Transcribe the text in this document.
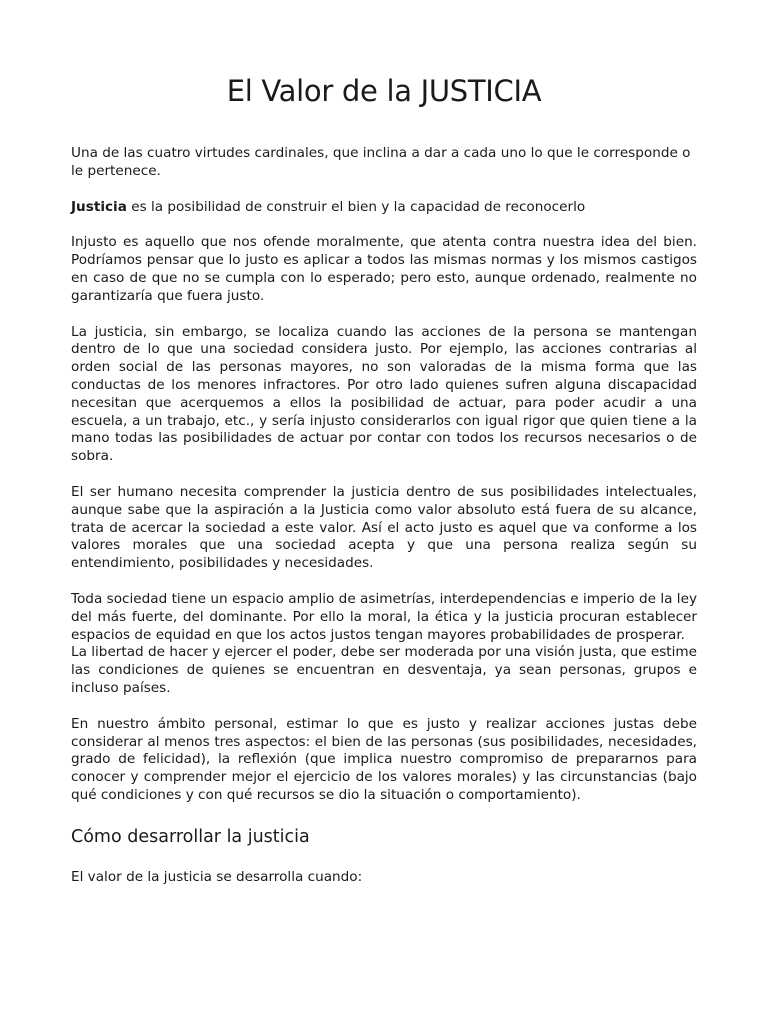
El Valor de la JUSTICIA

Una de las cuatro virtudes cardinales, que inclina a dar a cada uno lo que le corresponde o le pertenece.

Justicia es la posibilidad de construir el bien y la capacidad de reconocerlo

Injusto es aquello que nos ofende moralmente, que atenta contra nuestra idea del bien. Podríamos pensar que lo justo es aplicar a todos las mismas normas y los mismos castigos en caso de que no se cumpla con lo esperado; pero esto, aunque ordenado, realmente no garantizaría que fuera justo.

La justicia, sin embargo, se localiza cuando las acciones de la persona se mantengan dentro de lo que una sociedad considera justo. Por ejemplo, las acciones contrarias al orden social de las personas mayores, no son valoradas de la misma forma que las conductas de los menores infractores. Por otro lado quienes sufren alguna discapacidad necesitan que acerquemos a ellos la posibilidad de actuar, para poder acudir a una escuela, a un trabajo, etc., y sería injusto considerarlos con igual rigor que quien tiene a la mano todas las posibilidades de actuar por contar con todos los recursos necesarios o de sobra.

El ser humano necesita comprender la justicia dentro de sus posibilidades intelectuales, aunque sabe que la aspiración a la Justicia como valor absoluto está fuera de su alcance, trata de acercar la sociedad a este valor. Así el acto justo es aquel que va conforme a los valores morales que una sociedad acepta y que una persona realiza según su entendimiento, posibilidades y necesidades.

Toda sociedad tiene un espacio amplio de asimetrías, interdependencias e imperio de la ley del más fuerte, del dominante. Por ello la moral, la ética y la justicia procuran establecer espacios de equidad en que los actos justos tengan mayores probabilidades de prosperar.

La libertad de hacer y ejercer el poder, debe ser moderada por una visión justa, que estime las condiciones de quienes se encuentran en desventaja, ya sean personas, grupos e incluso países.

En nuestro ámbito personal, estimar lo que es justo y realizar acciones justas debe considerar al menos tres aspectos: el bien de las personas (sus posibilidades, necesidades, grado de felicidad), la reflexión (que implica nuestro compromiso de prepararnos para conocer y comprender mejor el ejercicio de los valores morales) y las circunstancias (bajo qué condiciones y con qué recursos se dio la situación o comportamiento).

Cómo desarrollar la justicia

El valor de la justicia se desarrolla cuando:
